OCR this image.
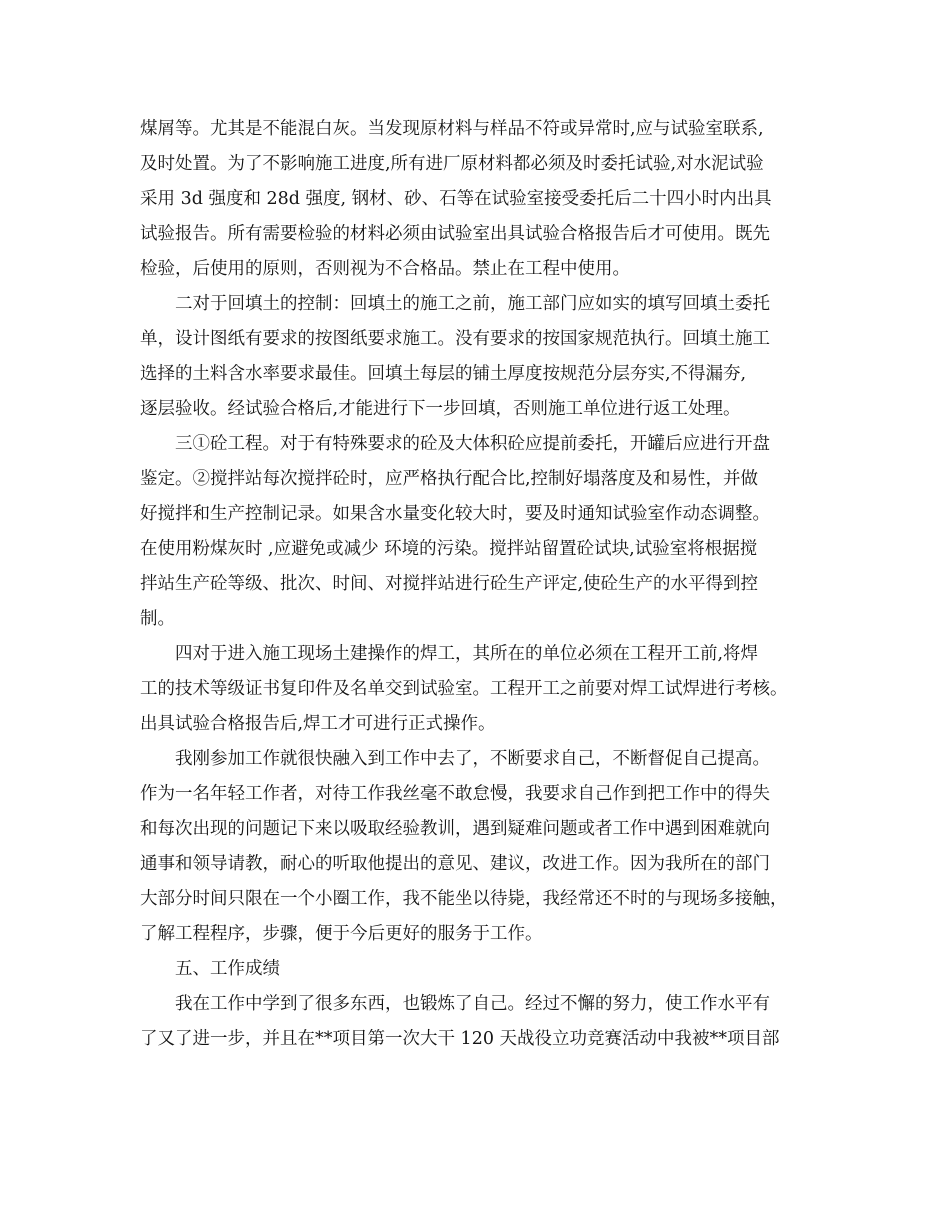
煤屑等。尤其是不能混白灰。当发现原材料与样品不符或异常时,应与试验室联系,
及时处置。为了不影响施工进度,所有进厂原材料都必须及时委托试验,对水泥试验
采用 3d 强度和 28d 强度, 钢材、砂、石等在试验室接受委托后二十四小时内出具
试验报告。所有需要检验的材料必须由试验室出具试验合格报告后才可使用。既先
检验，后使用的原则，否则视为不合格品。禁止在工程中使用。
二对于回填土的控制：回填土的施工之前，施工部门应如实的填写回填土委托
单，设计图纸有要求的按图纸要求施工。没有要求的按国家规范执行。回填土施工
选择的土料含水率要求最佳。回填土每层的铺土厚度按规范分层夯实,不得漏夯,
逐层验收。经试验合格后,才能进行下一步回填，否则施工单位进行返工处理。
三①砼工程。对于有特殊要求的砼及大体积砼应提前委托，开罐后应进行开盘
鉴定。②搅拌站每次搅拌砼时，应严格执行配合比,控制好塌落度及和易性，并做
好搅拌和生产控制记录。如果含水量变化较大时，要及时通知试验室作动态调整。
在使用粉煤灰时 ,应避免或减少 环境的污染。搅拌站留置砼试块,试验室将根据搅
拌站生产砼等级、批次、时间、对搅拌站进行砼生产评定,使砼生产的水平得到控
制。
四对于进入施工现场土建操作的焊工，其所在的单位必须在工程开工前,将焊
工的技术等级证书复印件及名单交到试验室。工程开工之前要对焊工试焊进行考核。
出具试验合格报告后,焊工才可进行正式操作。
我刚参加工作就很快融入到工作中去了，不断要求自己，不断督促自己提高。
作为一名年轻工作者，对待工作我丝毫不敢怠慢，我要求自己作到把工作中的得失
和每次出现的问题记下来以吸取经验教训，遇到疑难问题或者工作中遇到困难就向
通事和领导请教，耐心的听取他提出的意见、建议，改进工作。因为我所在的部门
大部分时间只限在一个小圈工作，我不能坐以待毙，我经常还不时的与现场多接触，
了解工程程序，步骤，便于今后更好的服务于工作。
五、工作成绩
我在工作中学到了很多东西，也锻炼了自己。经过不懈的努力，使工作水平有
了又了进一步，并且在**项目第一次大干 120 天战役立功竞赛活动中我被**项目部
